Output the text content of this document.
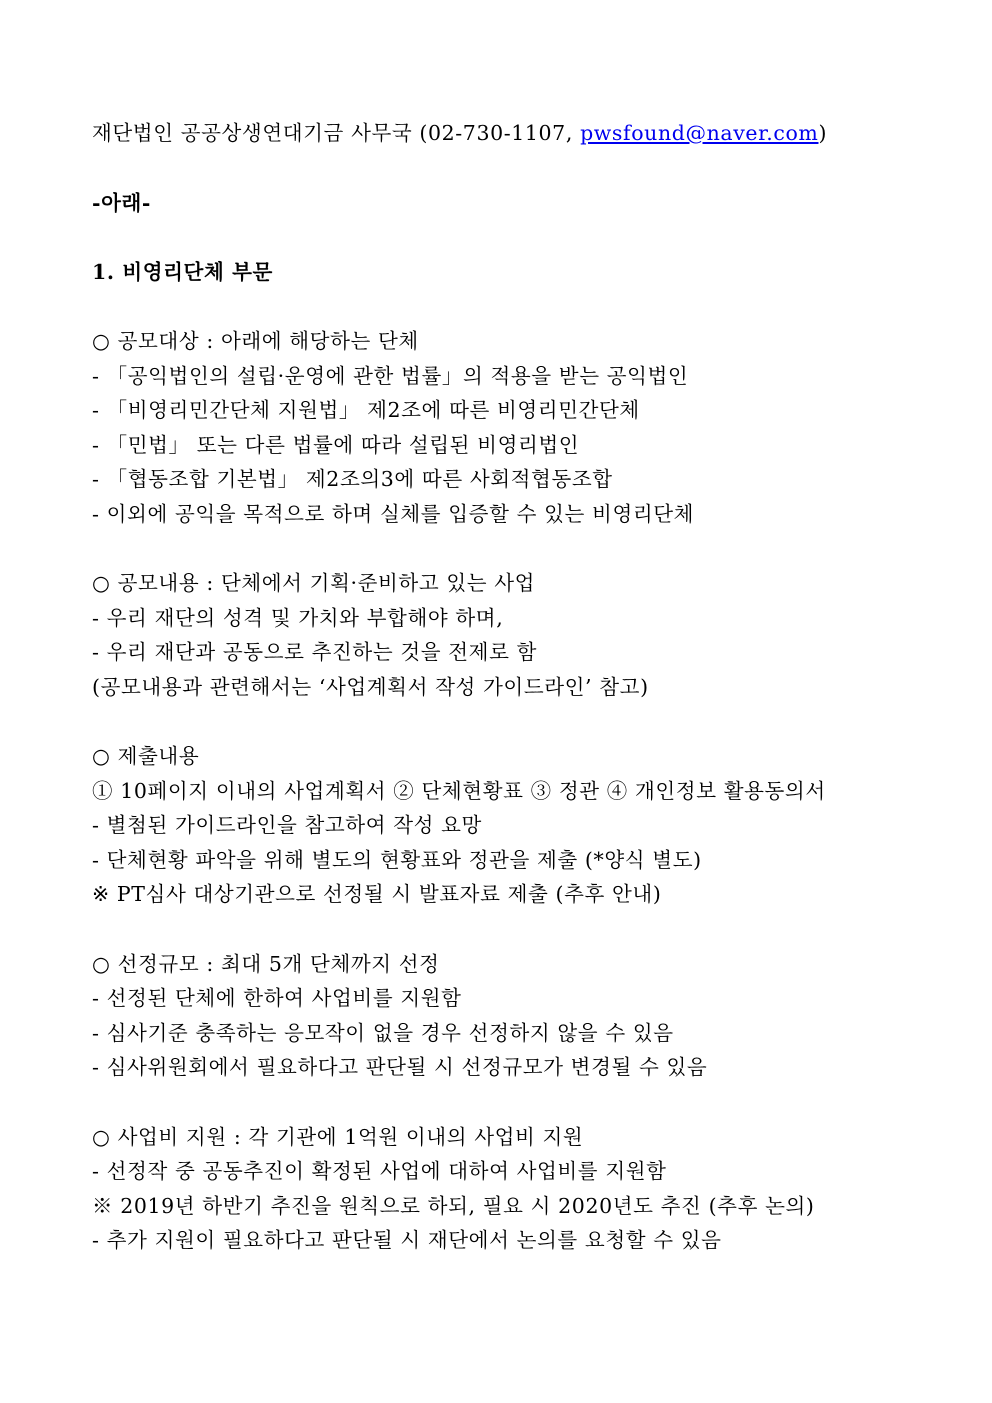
재단법인 공공상생연대기금 사무국 (02-730-1107, pwsfound@naver.com)
-아래-
1. 비영리단체 부문
○ 공모대상 : 아래에 해당하는 단체
- 「공익법인의 설립·운영에 관한 법률」의 적용을 받는 공익법인
- 「비영리민간단체 지원법」 제2조에 따른 비영리민간단체
- 「민법」 또는 다른 법률에 따라 설립된 비영리법인
- 「협동조합 기본법」 제2조의3에 따른 사회적협동조합
- 이외에 공익을 목적으로 하며 실체를 입증할 수 있는 비영리단체
○ 공모내용 : 단체에서 기획·준비하고 있는 사업
- 우리 재단의 성격 및 가치와 부합해야 하며,
- 우리 재단과 공동으로 추진하는 것을 전제로 함
(공모내용과 관련해서는 ‘사업계획서 작성 가이드라인’ 참고)
○ 제출내용
① 10페이지 이내의 사업계획서 ② 단체현황표 ③ 정관 ④ 개인정보 활용동의서
- 별첨된 가이드라인을 참고하여 작성 요망
- 단체현황 파악을 위해 별도의 현황표와 정관을 제출 (*양식 별도)
※ PT심사 대상기관으로 선정될 시 발표자료 제출 (추후 안내)
○ 선정규모 : 최대 5개 단체까지 선정
- 선정된 단체에 한하여 사업비를 지원함
- 심사기준 충족하는 응모작이 없을 경우 선정하지 않을 수 있음
- 심사위원회에서 필요하다고 판단될 시 선정규모가 변경될 수 있음
○ 사업비 지원 : 각 기관에 1억원 이내의 사업비 지원
- 선정작 중 공동추진이 확정된 사업에 대하여 사업비를 지원함
※ 2019년 하반기 추진을 원칙으로 하되, 필요 시 2020년도 추진 (추후 논의)
- 추가 지원이 필요하다고 판단될 시 재단에서 논의를 요청할 수 있음
